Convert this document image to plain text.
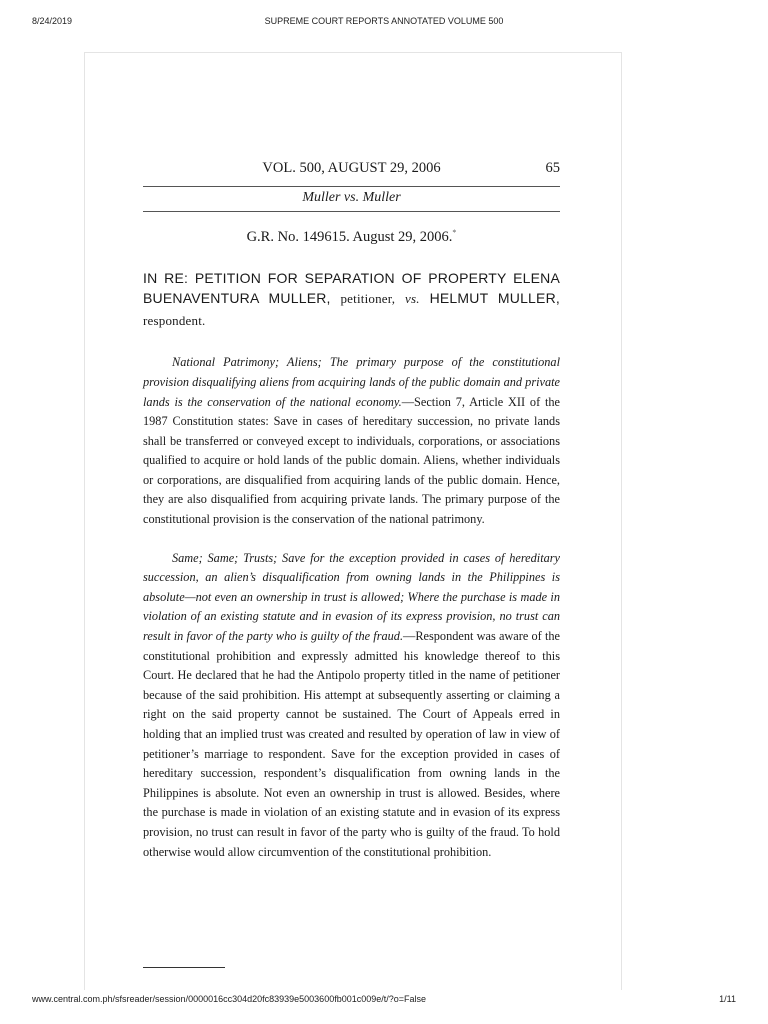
8/24/2019	SUPREME COURT REPORTS ANNOTATED VOLUME 500
VOL. 500, AUGUST 29, 2006	65
Muller vs. Muller
G.R. No. 149615. August 29, 2006.*
IN RE: PETITION FOR SEPARATION OF PROPERTY ELENA BUENAVENTURA MULLER, petitioner, vs. HELMUT MULLER, respondent.

National Patrimony; Aliens; The primary purpose of the constitutional provision disqualifying aliens from acquiring lands of the public domain and private lands is the conservation of the national economy.—Section 7, Article XII of the 1987 Constitution states: Save in cases of hereditary succession, no private lands shall be transferred or conveyed except to individuals, corporations, or associations qualified to acquire or hold lands of the public domain. Aliens, whether individuals or corporations, are disqualified from acquiring lands of the public domain. Hence, they are also disqualified from acquiring private lands. The primary purpose of the constitutional provision is the conservation of the national patrimony.

Same; Same; Trusts; Save for the exception provided in cases of hereditary succession, an alien’s disqualification from owning lands in the Philippines is absolute—not even an ownership in trust is allowed; Where the purchase is made in violation of an existing statute and in evasion of its express provision, no trust can result in favor of the party who is guilty of the fraud.—Respondent was aware of the constitutional prohibition and expressly admitted his knowledge thereof to this Court. He declared that he had the Antipolo property titled in the name of petitioner because of the said prohibition. His attempt at subsequently asserting or claiming a right on the said property cannot be sustained. The Court of Appeals erred in holding that an implied trust was created and resulted by operation of law in view of petitioner’s marriage to respondent. Save for the exception provided in cases of hereditary succession, respondent’s disqualification from owning lands in the Philippines is absolute. Not even an ownership in trust is allowed. Besides, where the purchase is made in violation of an existing statute and in evasion of its express provision, no trust can result in favor of the party who is guilty of the fraud. To hold otherwise would allow circumvention of the constitutional prohibition.

www.central.com.ph/sfsreader/session/0000016cc304d20fc83939e5003600fb001c009e/t/?o=False	1/11
